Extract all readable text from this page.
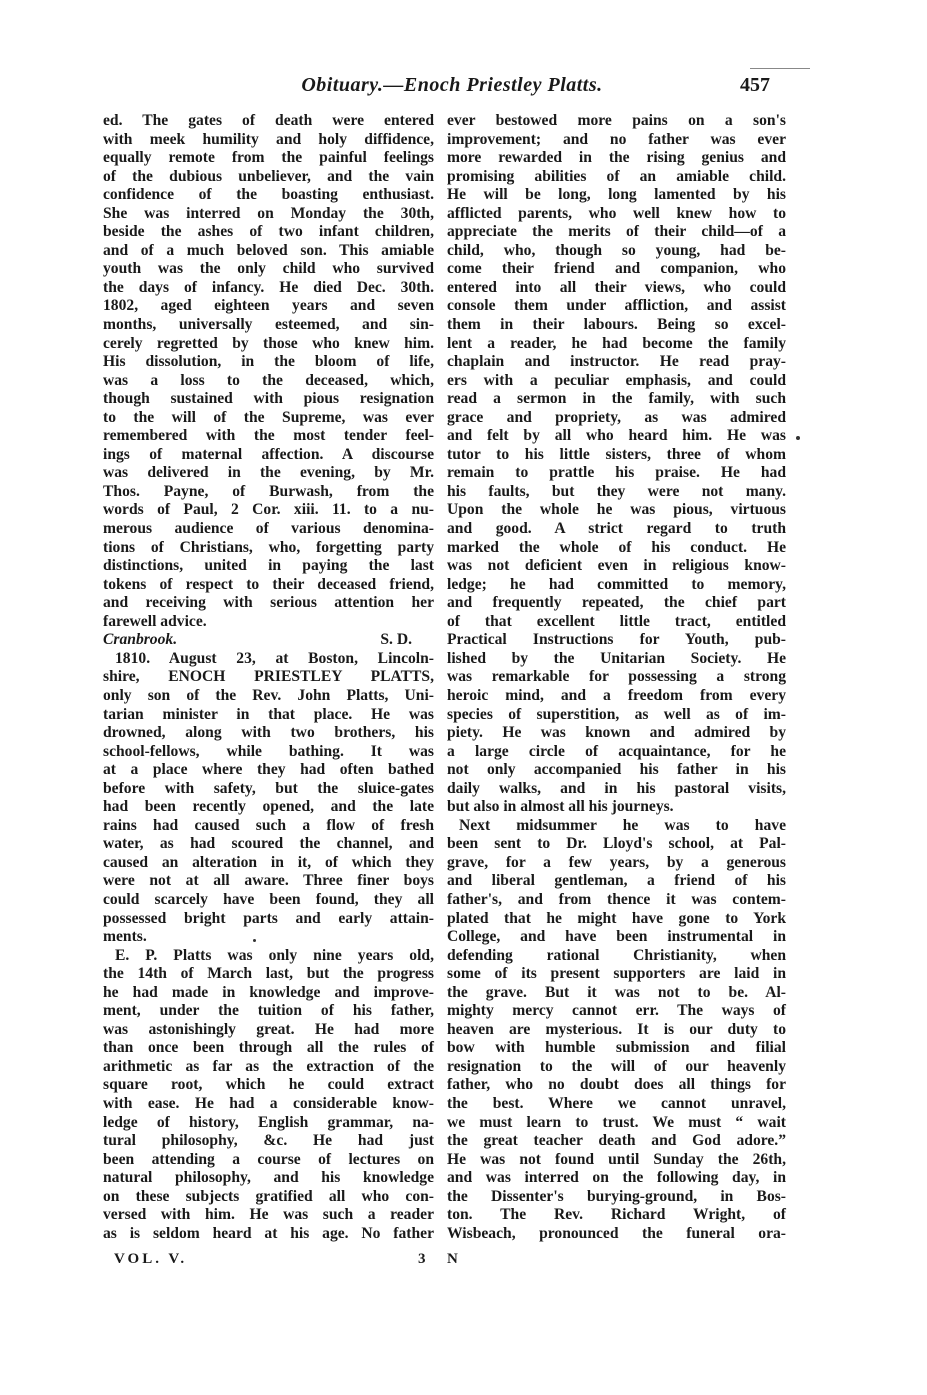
Obituary.—Enoch Priestley Platts.	457
ed. The gates of death were entered
with meek humility and holy diffidence,
equally remote from the painful feelings
of the dubious unbeliever, and the vain
confidence of the boasting enthusiast.
She was interred on Monday the 30th,
beside the ashes of two infant children,
and of a much beloved son. This amiable
youth was the only child who survived
the days of infancy. He died Dec. 30th.
1802, aged eighteen years and seven
months, universally esteemed, and sin-
cerely regretted by those who knew him.
His dissolution, in the bloom of life,
was a loss to the deceased, which,
though sustained with pious resignation
to the will of the Supreme, was ever
remembered with the most tender feel-
ings of maternal affection. A discourse
was delivered in the evening, by Mr.
Thos. Payne, of Burwash, from the
words of Paul, 2 Cor. xiii. 11. to a nu-
merous audience of various denomina-
tions of Christians, who, forgetting party
distinctions, united in paying the last
tokens of respect to their deceased friend,
and receiving with serious attention her
farewell advice.
Cranbrook.	S. D.
1810. August 23, at Boston, Lincoln-
shire, ENOCH PRIESTLEY PLATTS,
only son of the Rev. John Platts, Uni-
tarian minister in that place. He was
drowned, along with two brothers, his
school-fellows, while bathing. It was
at a place where they had often bathed
before with safety, but the sluice-gates
had been recently opened, and the late
rains had caused such a flow of fresh
water, as had scoured the channel, and
caused an alteration in it, of which they
were not at all aware. Three finer boys
could scarcely have been found, they all
possessed bright parts and early attain-
ments.
E. P. Platts was only nine years old,
the 14th of March last, but the progress
he had made in knowledge and improve-
ment, under the tuition of his father,
was astonishingly great. He had more
than once been through all the rules of
arithmetic as far as the extraction of the
square root, which he could extract
with ease. He had a considerable know-
ledge of history, English grammar, na-
tural philosophy, &c. He had just
been attending a course of lectures on
natural philosophy, and his knowledge
on these subjects gratified all who con-
versed with him. He was such a reader
as is seldom heard at his age. No father
ever bestowed more pains on a son's
improvement; and no father was ever
more rewarded in the rising genius and
promising abilities of an amiable child.
He will be long, long lamented by his
afflicted parents, who well knew how to
appreciate the merits of their child—of a
child, who, though so young, had be-
come their friend and companion, who
entered into all their views, who could
console them under affliction, and assist
them in their labours. Being so excel-
lent a reader, he had become the family
chaplain and instructor. He read pray-
ers with a peculiar emphasis, and could
read a sermon in the family, with such
grace and propriety, as was admired
and felt by all who heard him. He was
tutor to his little sisters, three of whom
remain to prattle his praise. He had
his faults, but they were not many.
Upon the whole he was pious, virtuous
and good. A strict regard to truth
marked the whole of his conduct. He
was not deficient even in religious know-
ledge; he had committed to memory,
and frequently repeated, the chief part
of that excellent little tract, entitled
Practical Instructions for Youth, pub-
lished by the Unitarian Society. He
was remarkable for possessing a strong
heroic mind, and a freedom from every
species of superstition, as well as of im-
piety. He was known and admired by
a large circle of acquaintance, for he
not only accompanied his father in his
daily walks, and in his pastoral visits,
but also in almost all his journeys.
Next midsummer he was to have
been sent to Dr. Lloyd's school, at Pal-
grave, for a few years, by a generous
and liberal gentleman, a friend of his
father's, and from thence it was contem-
plated that he might have gone to York
College, and have been instrumental in
defending rational Christianity, when
some of its present supporters are laid in
the grave. But it was not to be. Al-
mighty mercy cannot err. The ways of
heaven are mysterious. It is our duty to
bow with humble submission and filial
resignation to the will of our heavenly
father, who no doubt does all things for
the best. Where we cannot unravel,
we must learn to trust. We must “ wait
the great teacher death and God adore.”
He was not found until Sunday the 26th,
and was interred on the following day, in
the Dissenter's burying-ground, in Bos-
ton. The Rev. Richard Wright, of
Wisbeach, pronounced the funeral ora-
VOL. V.	3 N
